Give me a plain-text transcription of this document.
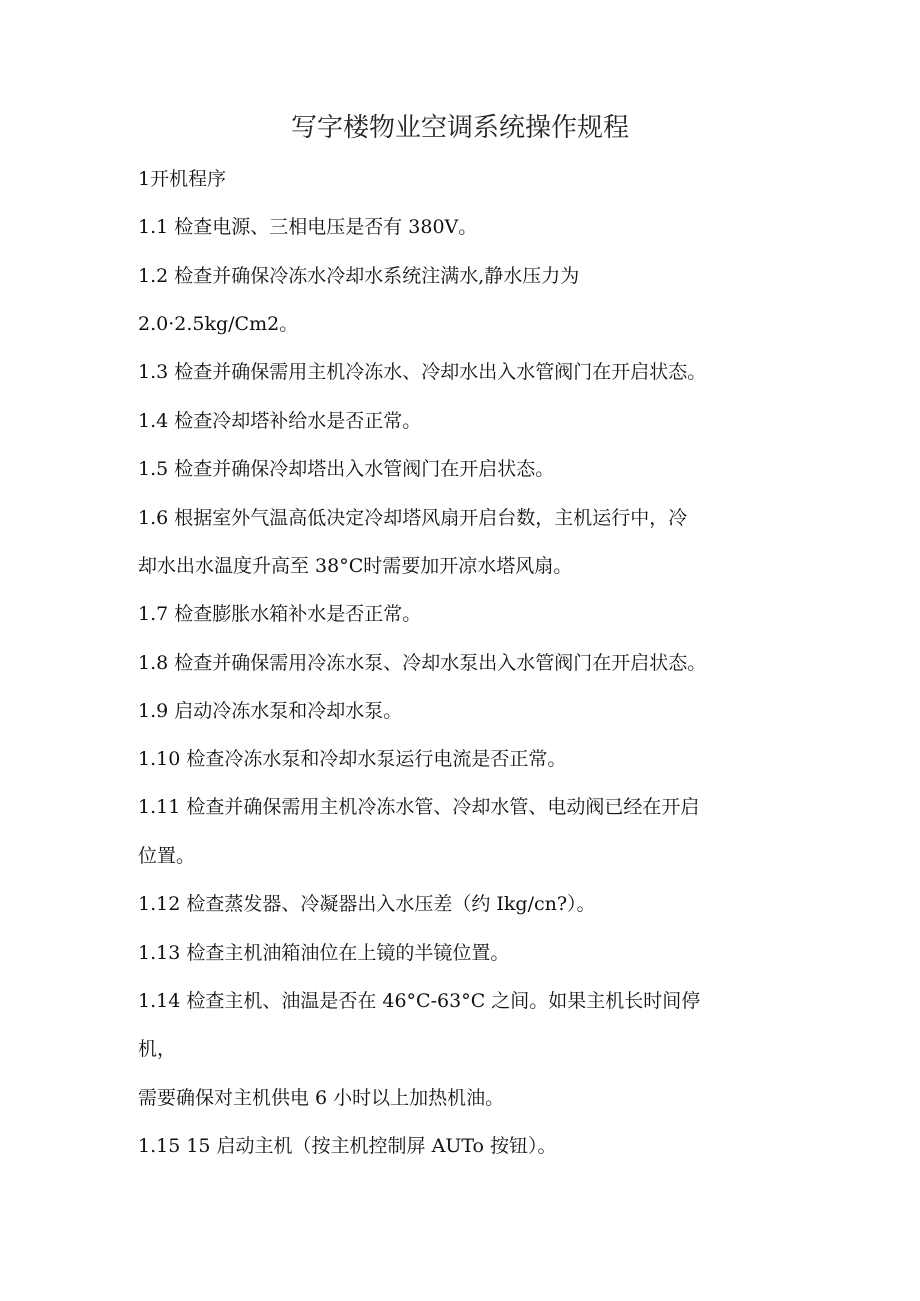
写字楼物业空调系统操作规程

1开机程序

1.1 检查电源、三相电压是否有 380V。

1.2 检查并确保冷冻水冷却水系统注满水,静水压力为

2.0·2.5kg/Cm2。

1.3 检查并确保需用主机冷冻水、冷却水出入水管阀门在开启状态。

1.4 检查冷却塔补给水是否正常。

1.5 检查并确保冷却塔出入水管阀门在开启状态。

1.6 根据室外气温高低决定冷却塔风扇开启台数，主机运行中，冷

却水出水温度升高至 38°C时需要加开凉水塔风扇。

1.7 检查膨胀水箱补水是否正常。

1.8 检查并确保需用冷冻水泵、冷却水泵出入水管阀门在开启状态。

1.9 启动冷冻水泵和冷却水泵。

1.10 检查冷冻水泵和冷却水泵运行电流是否正常。

1.11 检查并确保需用主机冷冻水管、冷却水管、电动阀已经在开启

位置。

1.12 检查蒸发器、冷凝器出入水压差（约 Ikg/cn?）。

1.13 检查主机油箱油位在上镜的半镜位置。

1.14 检查主机、油温是否在 46°C-63°C 之间。如果主机长时间停

机，

需要确保对主机供电 6 小时以上加热机油。

1.15 15 启动主机（按主机控制屏 AUTo 按钮）。
